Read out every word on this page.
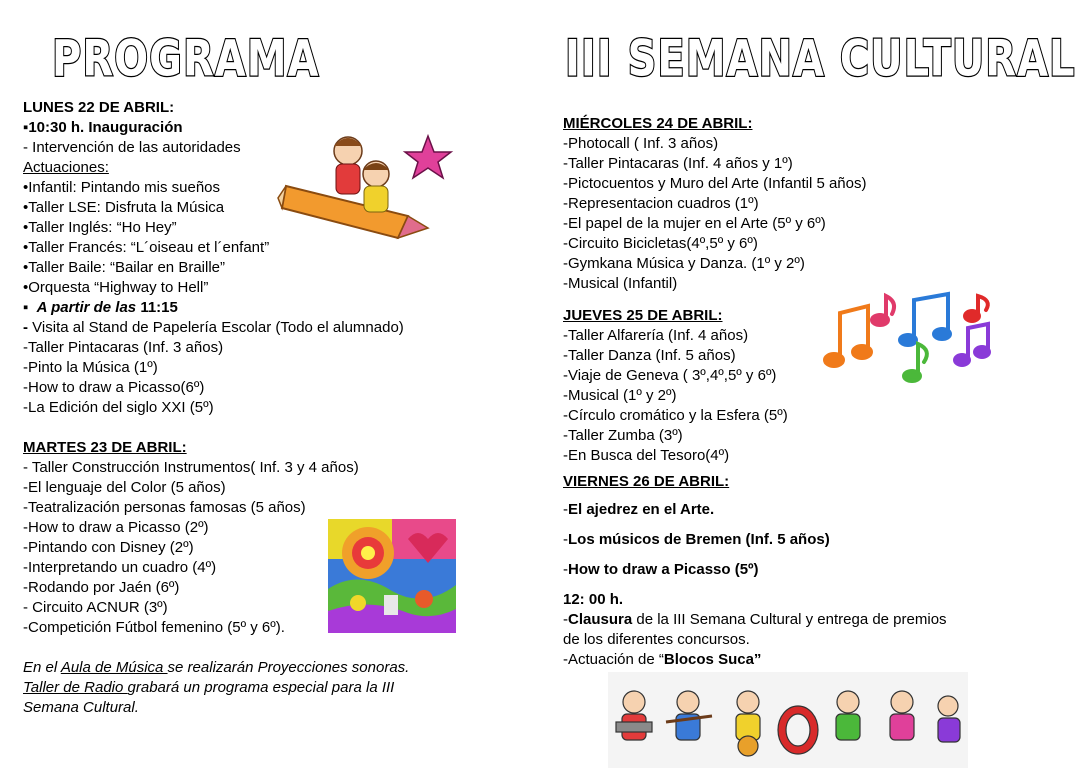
PROGRAMA	III SEMANA CULTURAL
LUNES 22 DE ABRIL:
▪10:30 h. Inauguración
- Intervención de las autoridades
Actuaciones:
•Infantil: Pintando mis sueños
•Taller LSE: Disfruta la Música
•Taller Inglés: “Ho Hey”
•Taller Francés: “L´oiseau et l´enfant”
•Taller Baile: “Bailar en Braille”
•Orquesta “Highway to Hell”
▪ A partir de las 11:15
- Visita al Stand de Papelería Escolar (Todo el alumnado)
-Taller Pintacaras (Inf. 3 años)
-Pinto la Música (1º)
-How to draw a Picasso(6º)
-La Edición del siglo XXI (5º)
MARTES 23 DE ABRIL:
- Taller Construcción Instrumentos( Inf. 3 y 4 años)
-El lenguaje del Color (5 años)
-Teatralización personas famosas (5 años)
-How to draw a Picasso (2º)
-Pintando con Disney (2º)
-Interpretando un cuadro (4º)
-Rodando por Jaén (6º)
- Circuito ACNUR (3º)
-Competición Fútbol femenino (5º y 6º).
En el Aula de Música se realizarán Proyecciones sonoras.
Taller de Radio grabará un programa especial para la III
Semana Cultural.
MIÉRCOLES 24 DE ABRIL:
-Photocall ( Inf. 3 años)
-Taller Pintacaras (Inf. 4 años y 1º)
-Pictocuentos y Muro del Arte (Infantil 5 años)
-Representacion cuadros (1º)
-El papel de la mujer en el Arte (5º y 6º)
-Circuito Bicicletas(4º,5º y 6º)
-Gymkana Música y Danza. (1º y 2º)
-Musical (Infantil)
JUEVES 25 DE ABRIL:
-Taller Alfarería (Inf. 4 años)
-Taller Danza (Inf. 5 años)
-Viaje de Geneva ( 3º,4º,5º y 6º)
-Musical (1º y 2º)
-Círculo cromático y la Esfera (5º)
-Taller Zumba (3º)
-En Busca del Tesoro(4º)
VIERNES 26 DE ABRIL:
-El ajedrez en el Arte.
-Los músicos de Bremen (Inf. 5 años)
-How to draw a Picasso (5º)
12: 00 h.
-Clausura de la III Semana Cultural y entrega de premios
de los diferentes concursos.
-Actuación de “Blocos Suca”
